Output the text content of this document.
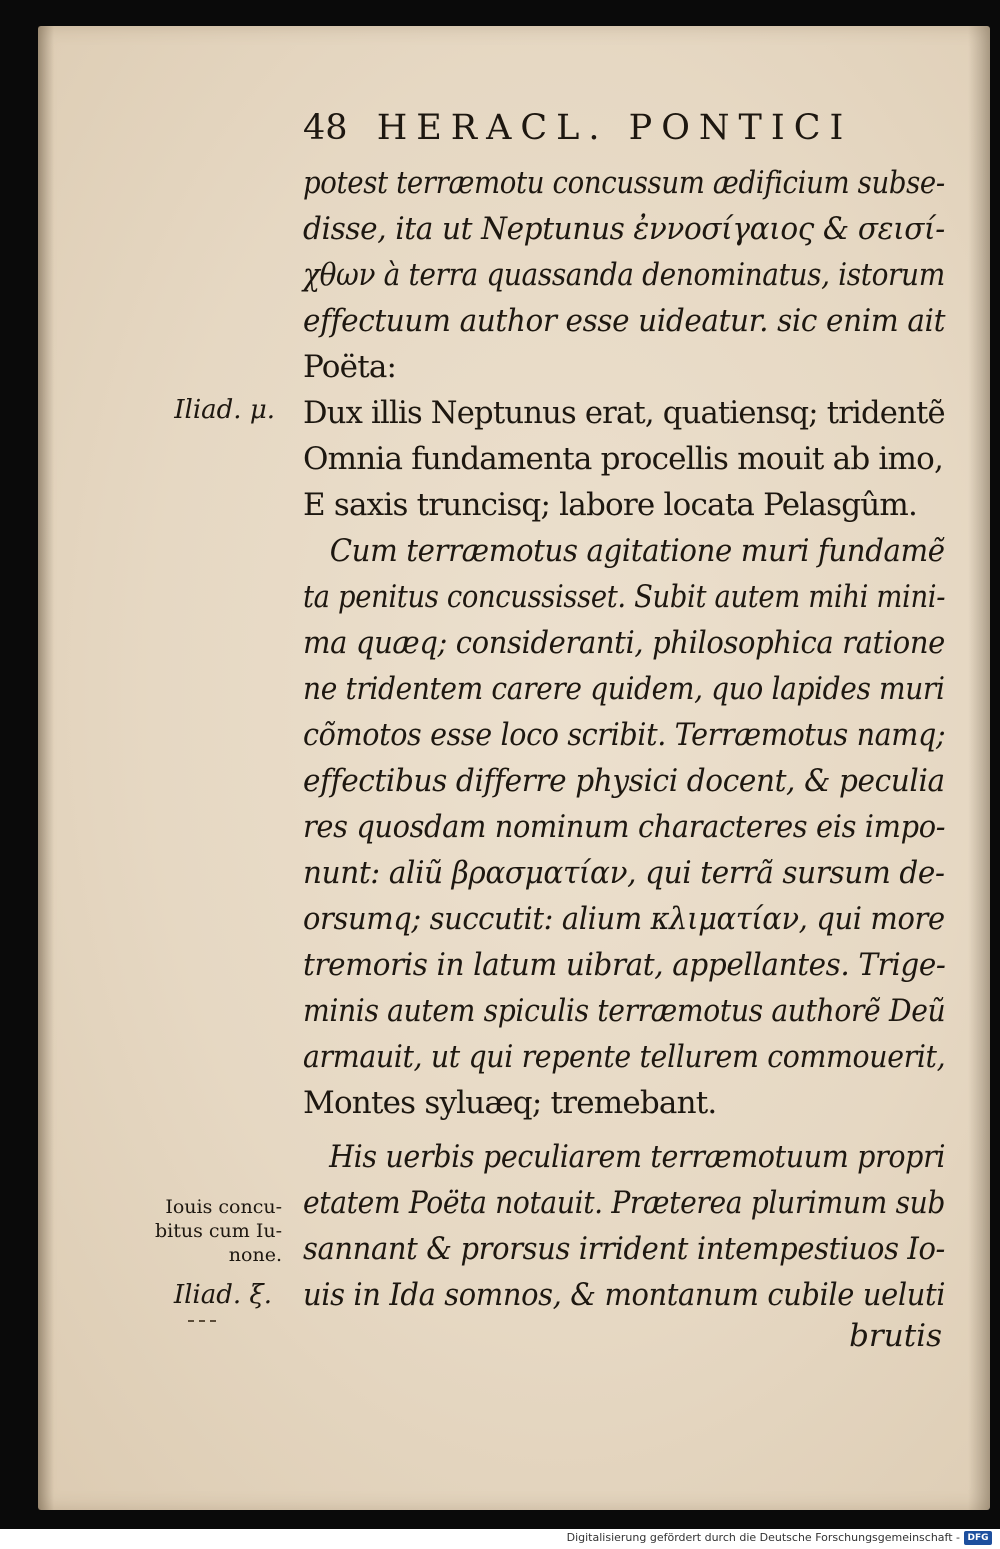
48 HERACL. PONTICI
potest terræmotu concussum ædificium subse-
disse, ita ut Neptunus ἐννοσίγαιος & σεισί-
χθων à terra quassanda denominatus, istorum
effectuum author esse uideatur. sic enim ait
Poëta:
Dux illis Neptunus erat, quatiensq; tridentẽ
Omnia fundamenta procellis mouit ab imo,
E saxis truncisq; labore locata Pelasgûm.
Cum terræmotus agitatione muri fundamẽ
ta penitus concussisset. Subit autem mihi mini-
ma quæq; consideranti, philosophica ratione
ne tridentem carere quidem, quo lapides muri
cõmotos esse loco scribit. Terræmotus namq;
effectibus differre physici docent, & peculia
res quosdam nominum characteres eis impo-
nunt: aliũ βρασματίαν, qui terrã sursum de-
orsumq; succutit: alium κλιματίαν, qui more
tremoris in latum uibrat, appellantes. Trige-
minis autem spiculis terræmotus authorẽ Deũ
armauit, ut qui repente tellurem commouerit,
Montes syluæq; tremebant.
His uerbis peculiarem terræmotuum propri
etatem Poëta notauit. Præterea plurimum sub
sannant & prorsus irrident intempestiuos Io-
uis in Ida somnos, & montanum cubile ueluti
brutis
Iliad. μ.
Iouis concu-
bitus cum Iu-
none.
Iliad. ξ.
Digitalisierung gefördert durch die Deutsche Forschungsgemeinschaft - DFG
